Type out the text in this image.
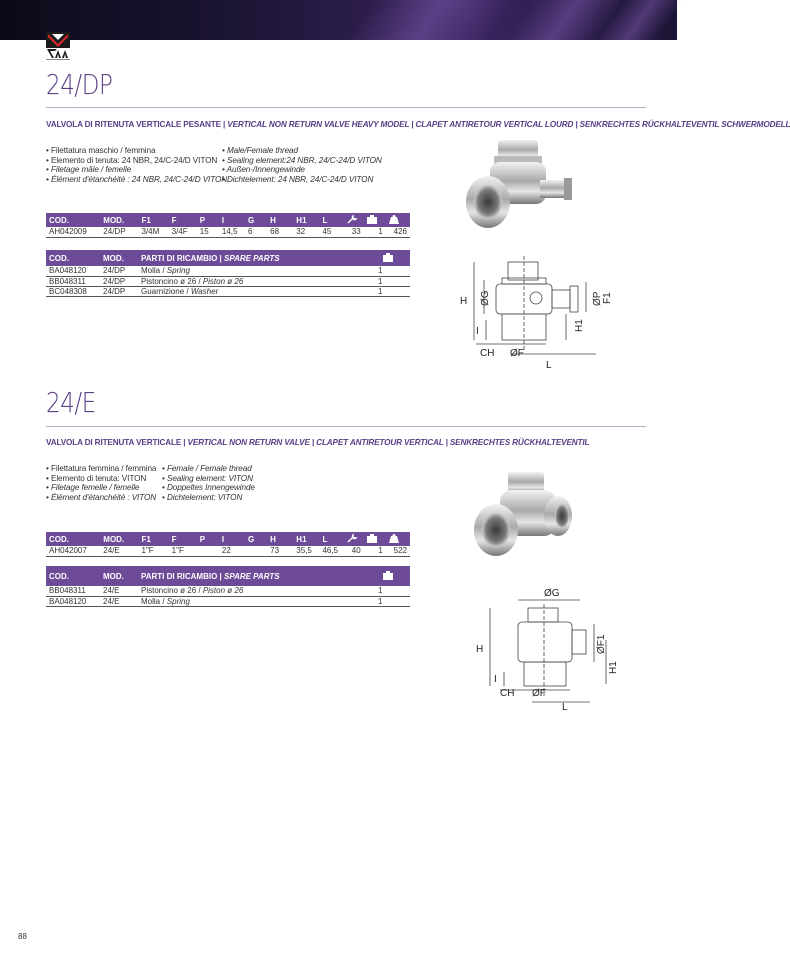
24/DP
VALVOLA DI RITENUTA VERTICALE PESANTE | VERTICAL NON RETURN VALVE HEAVY MODEL | CLAPET ANTIRETOUR VERTICAL LOURD | SENKRECHTES RÜCKHALTEVENTIL SCHWERMODELL
• Filettatura maschio / femmina
• Elemento di tenuta: 24 NBR, 24/C-24/D VITON
• Filetage mâle / femelle
• Élément d'étanchéité : 24 NBR, 24/C-24/D VITON
• Male/Female thread
• Sealing element:24 NBR, 24/C-24/D VITON
• Außen-/Innengewinde
• Dichtelement: 24 NBR, 24/C-24/D VITON
COD.	MOD.	F1	F	P	I	G	H	H1	L			
AH042009	24/DP	3/4M	3/4F	15	14,5	6	68	32	45	33	1	426
COD.	MOD.	PARTI DI RICAMBIO | SPARE PARTS	
BA048120	24/DP	Molla / Spring	1
BB048311	24/DP	Pistoncino ø 26 / Piston ø 26	1
BC048308	24/DP	Guarnizione / Washer	1
H ØG
I
CH ØF
L
ØP F1
H1
24/E
VALVOLA DI RITENUTA VERTICALE | VERTICAL NON RETURN VALVE | CLAPET ANTIRETOUR VERTICAL | SENKRECHTES RÜCKHALTEVENTIL
• Filettatura femmina / femmina
• Elemento di tenuta: VITON
• Filetage femelle / femelle
• Élément d'étanchéité : VITON
• Female / Female thread
• Sealing element: VITON
• Doppeltes Innengewinde
• Dichtelement: VITON
COD.	MOD.	F1	F	P	I	G	H	H1	L			
AH042007	24/E	1"F	1"F		22		73	35,5	46,5	40	1	522
COD.	MOD.	PARTI DI RICAMBIO | SPARE PARTS	
BB048311	24/E	Pistoncino ø 26 / Piston ø 26	1
BA048120	24/E	Molla / Spring	1
ØG
H	ØF1
H1
I
CH ØF
L
88
